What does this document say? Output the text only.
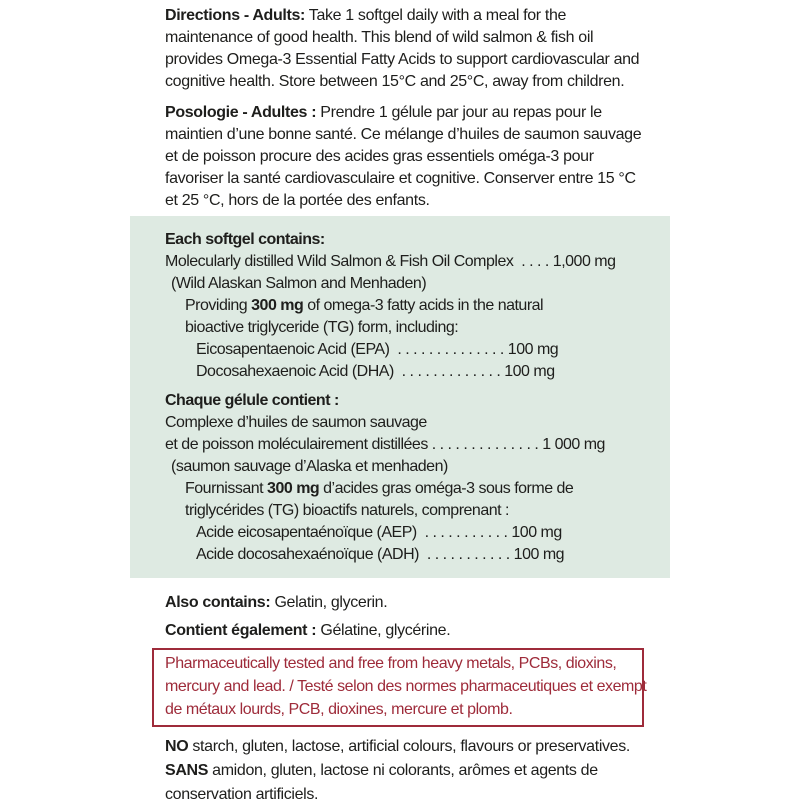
Directions - Adults: Take 1 softgel daily with a meal for the
maintenance of good health. This blend of wild salmon & fish oil
provides Omega-3 Essential Fatty Acids to support cardiovascular and
cognitive health. Store between 15°C and 25°C, away from children.
Posologie - Adultes : Prendre 1 gélule par jour au repas pour le
maintien d’une bonne santé. Ce mélange d’huiles de saumon sauvage
et de poisson procure des acides gras essentiels oméga-3 pour
favoriser la santé cardiovasculaire et cognitive. Conserver entre 15 °C
et 25 °C, hors de la portée des enfants.
Each softgel contains:
Molecularly distilled Wild Salmon & Fish Oil Complex  . . . . 1,000 mg
(Wild Alaskan Salmon and Menhaden)
Providing 300 mg of omega-3 fatty acids in the natural
bioactive triglyceride (TG) form, including:
Eicosapentaenoic Acid (EPA)  . . . . . . . . . . . . . . 100 mg
Docosahexaenoic Acid (DHA)  . . . . . . . . . . . . . 100 mg
Chaque gélule contient :
Complexe d’huiles de saumon sauvage
et de poisson moléculairement distillées . . . . . . . . . . . . . . 1 000 mg
(saumon sauvage d’Alaska et menhaden)
Fournissant 300 mg d’acides gras oméga-3 sous forme de
triglycérides (TG) bioactifs naturels, comprenant :
Acide eicosapentaénoïque (AEP)  . . . . . . . . . . . 100 mg
Acide docosahexaénoïque (ADH)  . . . . . . . . . . . 100 mg
Also contains: Gelatin, glycerin.
Contient également : Gélatine, glycérine.
Pharmaceutically tested and free from heavy metals, PCBs, dioxins,
mercury and lead. / Testé selon des normes pharmaceutiques et exempt
de métaux lourds, PCB, dioxines, mercure et plomb.
NO starch, gluten, lactose, artificial colours, flavours or preservatives.
SANS amidon, gluten, lactose ni colorants, arômes et agents de
conservation artificiels.
